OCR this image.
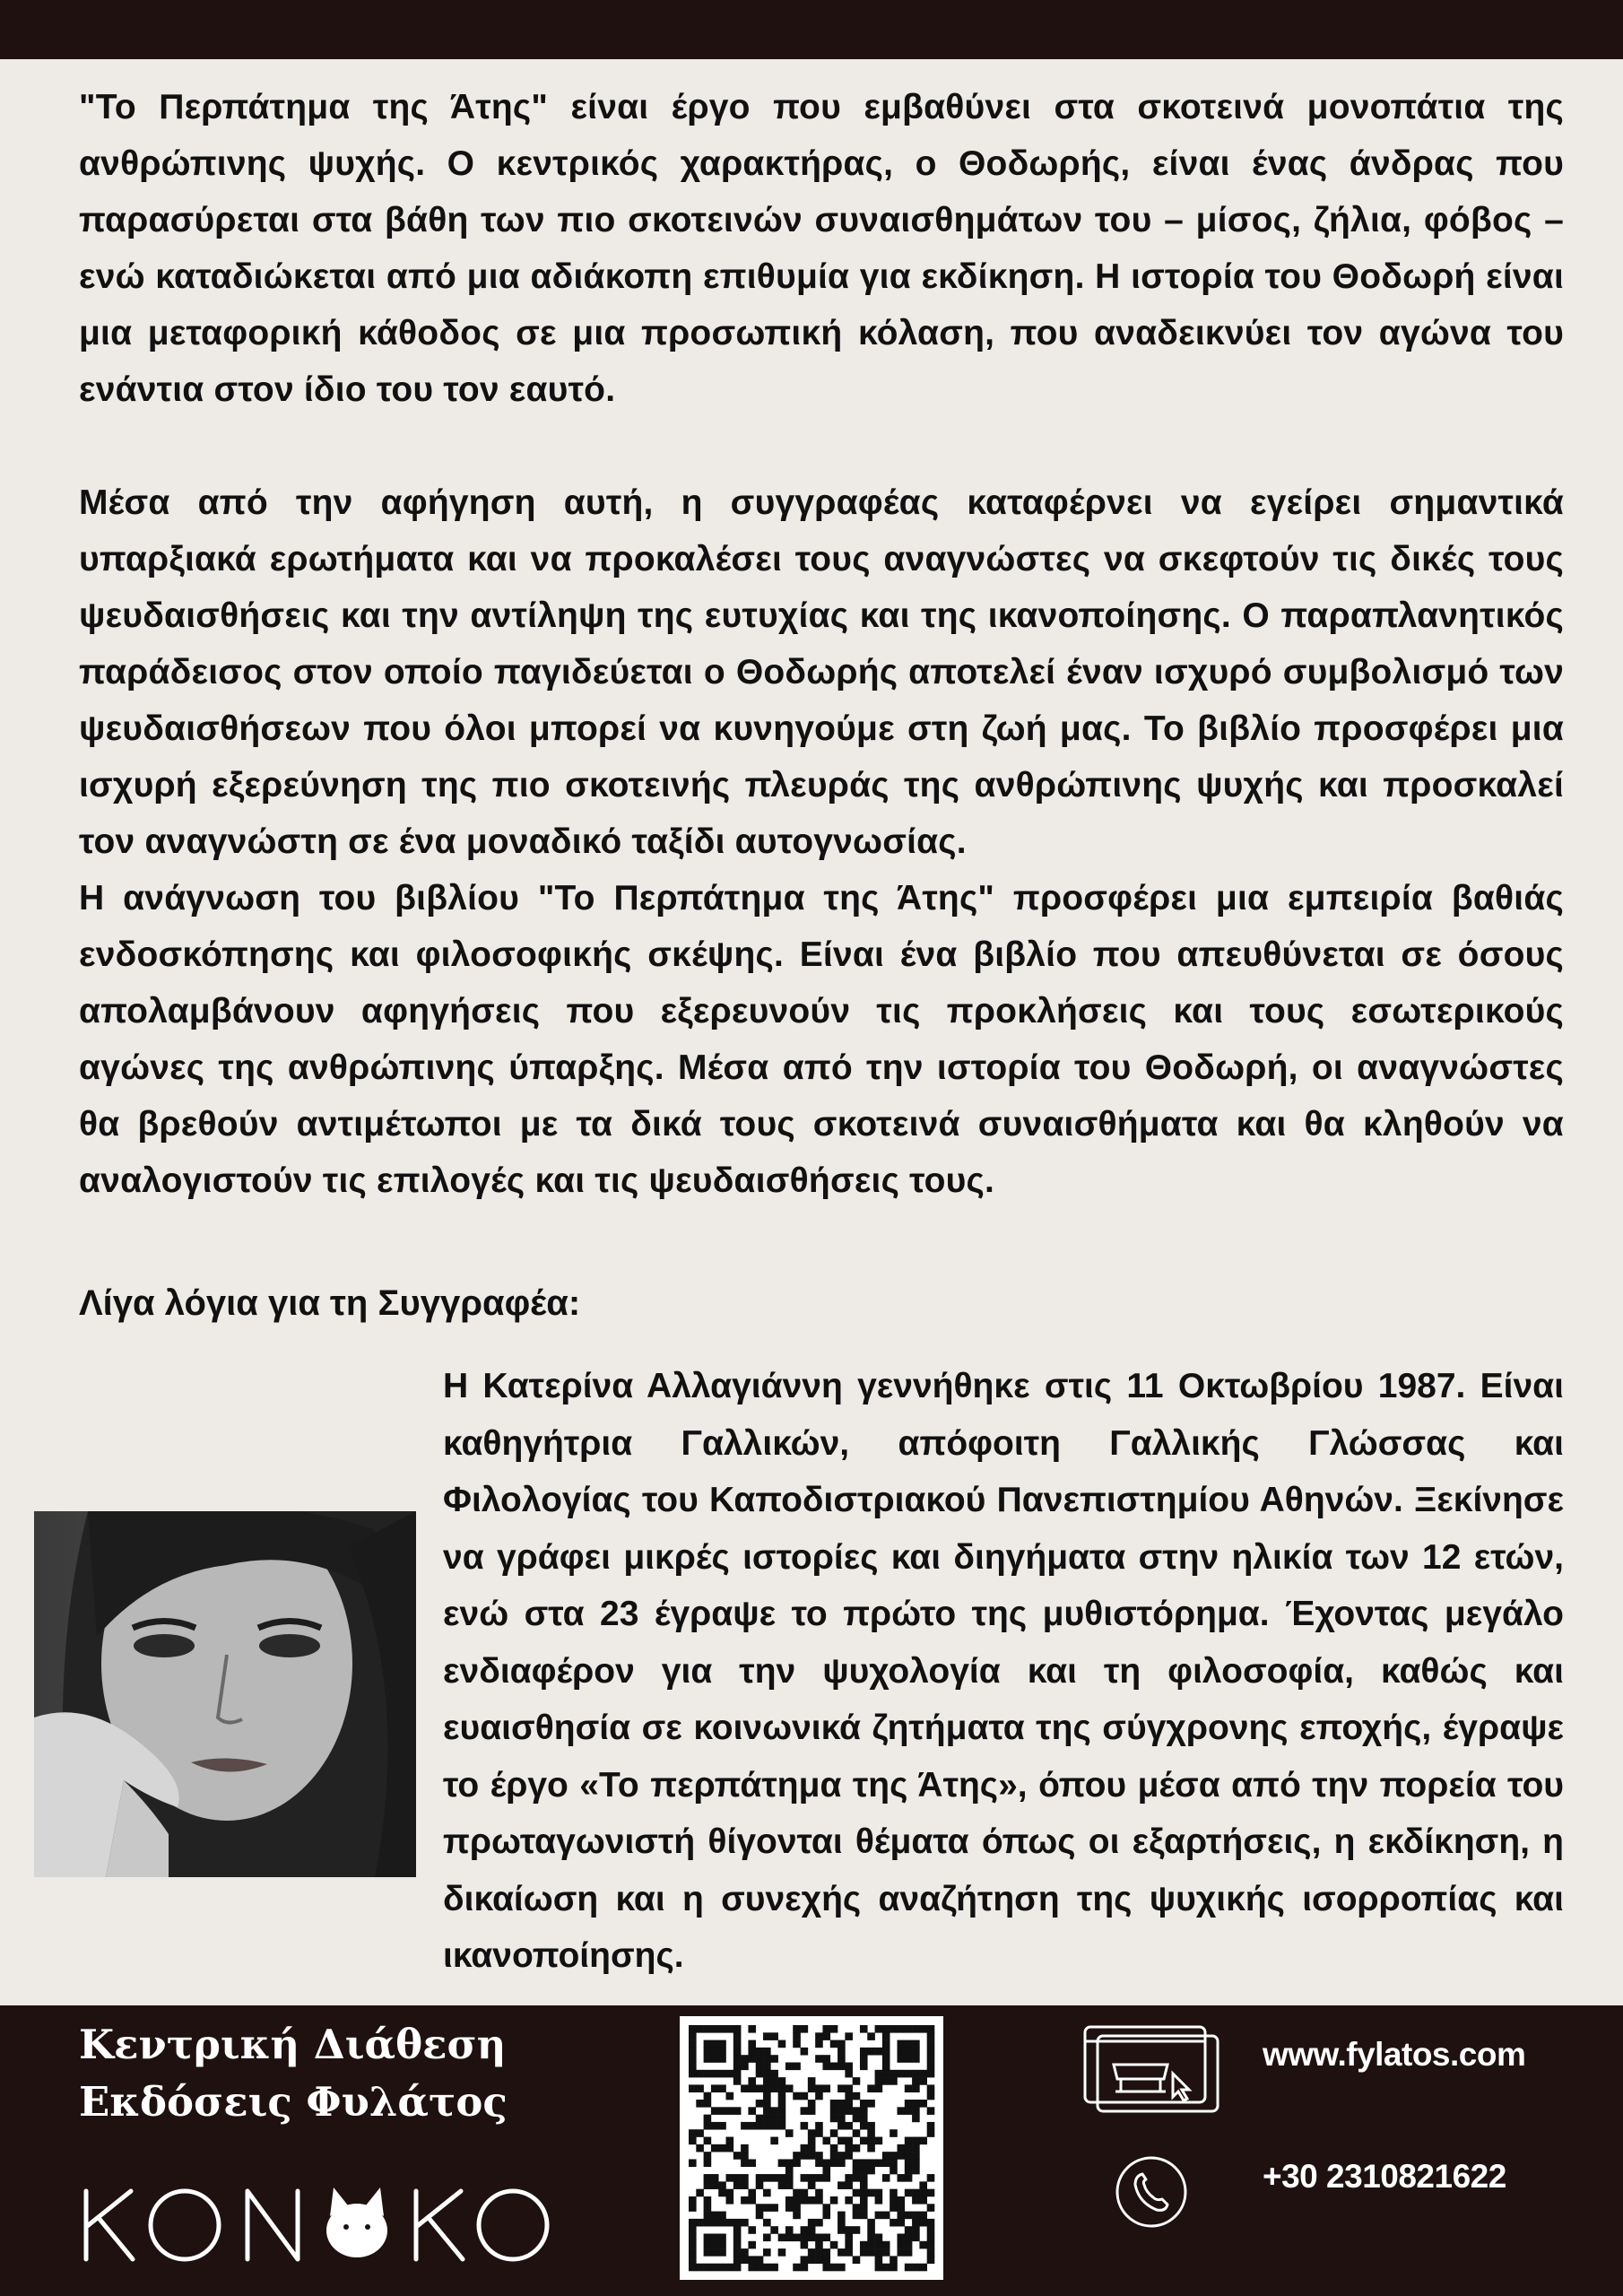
"Το Περπάτημα της Άτης" είναι έργο που εμβαθύνει στα σκοτεινά μονοπάτια της ανθρώπινης ψυχής. Ο κεντρικός χαρακτήρας, ο Θοδωρής, είναι ένας άνδρας που παρασύρεται στα βάθη των πιο σκοτεινών συναισθημάτων του – μίσος, ζήλια, φόβος – ενώ καταδιώκεται από μια αδιάκοπη επιθυμία για εκδίκηση. Η ιστορία του Θοδωρή είναι μια μεταφορική κάθοδος σε μια προσωπική κόλαση, που αναδεικνύει τον αγώνα του ενάντια στον ίδιο του τον εαυτό.

Μέσα από την αφήγηση αυτή, η συγγραφέας καταφέρνει να εγείρει σημαντικά υπαρξιακά ερωτήματα και να προκαλέσει τους αναγνώστες να σκεφτούν τις δικές τους ψευδαισθήσεις και την αντίληψη της ευτυχίας και της ικανοποίησης. Ο παραπλανητικός παράδεισος στον οποίο παγιδεύεται ο Θοδωρής αποτελεί έναν ισχυρό συμβολισμό των ψευδαισθήσεων που όλοι μπορεί να κυνηγούμε στη ζωή μας. Το βιβλίο προσφέρει μια ισχυρή εξερεύνηση της πιο σκοτεινής πλευράς της ανθρώπινης ψυχής και προσκαλεί τον αναγνώστη σε ένα μοναδικό ταξίδι αυτογνωσίας.

Η ανάγνωση του βιβλίου "Το Περπάτημα της Άτης" προσφέρει μια εμπειρία βαθιάς ενδοσκόπησης και φιλοσοφικής σκέψης. Είναι ένα βιβλίο που απευθύνεται σε όσους απολαμβάνουν αφηγήσεις που εξερευνούν τις προκλήσεις και τους εσωτερικούς αγώνες της ανθρώπινης ύπαρξης. Μέσα από την ιστορία του Θοδωρή, οι αναγνώστες θα βρεθούν αντιμέτωποι με τα δικά τους σκοτεινά συναισθήματα και θα κληθούν να αναλογιστούν τις επιλογές και τις ψευδαισθήσεις τους.

Λίγα λόγια για τη Συγγραφέα:

Η Κατερίνα Αλλαγιάννη γεννήθηκε στις 11 Οκτωβρίου 1987. Είναι καθηγήτρια Γαλλικών, απόφοιτη Γαλλικής Γλώσσας και Φιλολογίας του Καποδιστριακού Πανεπιστημίου Αθηνών. Ξεκίνησε να γράφει μικρές ιστορίες και διηγήματα στην ηλικία των 12 ετών, ενώ στα 23 έγραψε το πρώτο της μυθιστόρημα. Έχοντας μεγάλο ενδιαφέρον για την ψυχολογία και τη φιλοσοφία, καθώς και ευαισθησία σε κοινωνικά ζητήματα της σύγχρονης εποχής, έγραψε το έργο «Το περπάτημα της Άτης», όπου μέσα από την πορεία του πρωταγωνιστή θίγονται θέματα όπως οι εξαρτήσεις, η εκδίκηση, η δικαίωση και η συνεχής αναζήτηση της ψυχικής ισορροπίας και ικανοποίησης.

Κεντρική Διάθεση

Εκδόσεις Φυλάτος

www.fylatos.com

+30 2310821622
